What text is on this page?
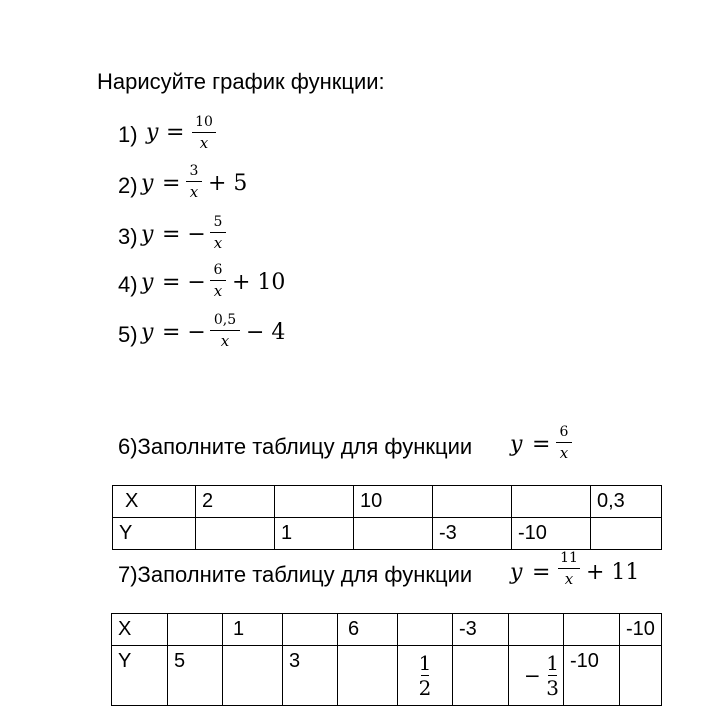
Нарисуйте график функции:
1) y = 10
x
2) y = 3
x + 5
3) y = − 5
x
4) y = − 6
x + 10
5) y = − 0,5
x − 4
6)Заполните таблицу для функции y = 6
x
X	2		10			0,3
Y		1		-3	-10	
7)Заполните таблицу для функции y =
11
x + 11
X		1		6		-3			-10
Y	5		3		$\frac{1}{2}$		− $\frac{1}{3}$	-10	
